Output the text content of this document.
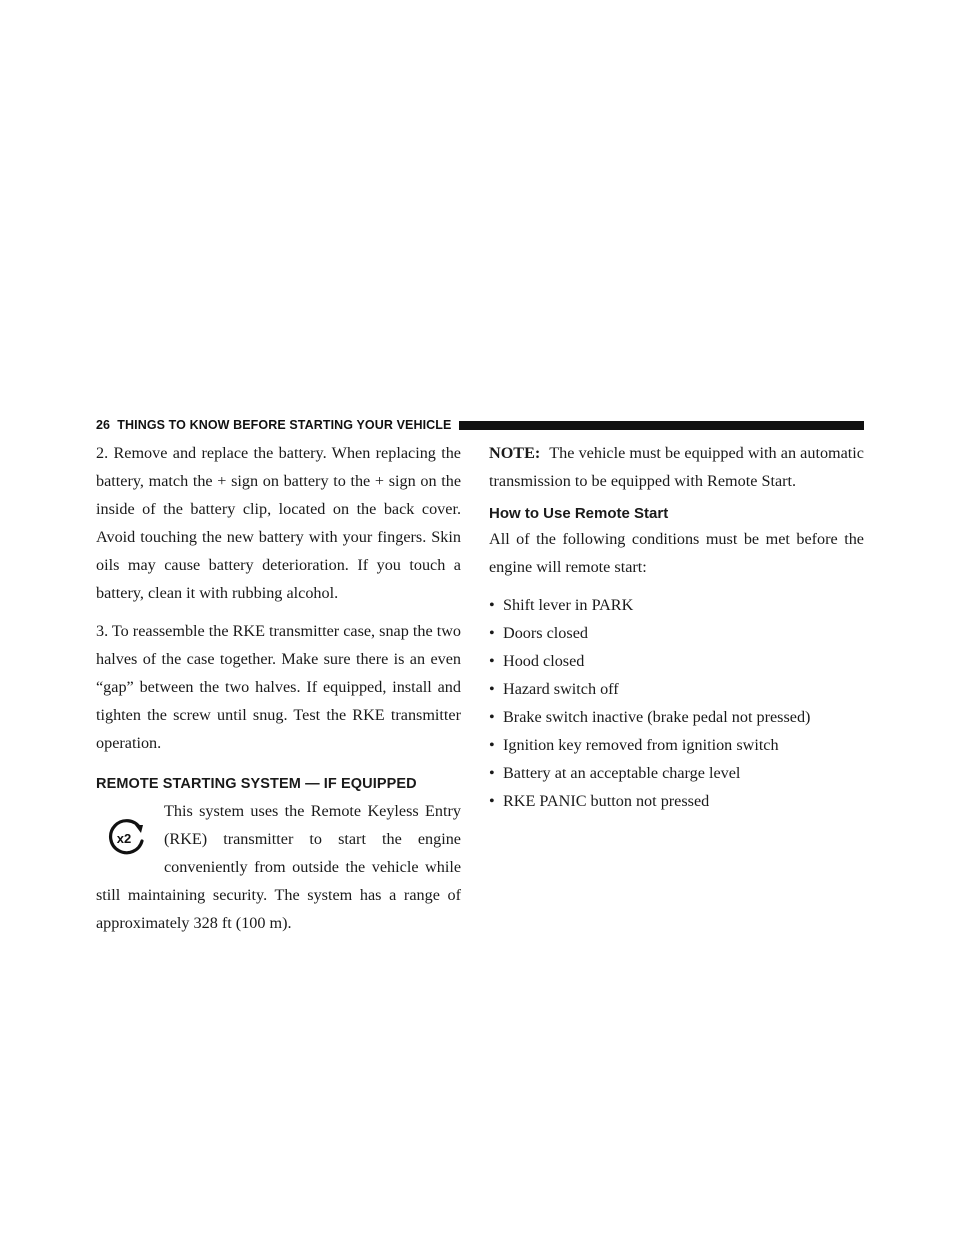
26 THINGS TO KNOW BEFORE STARTING YOUR VEHICLE

2. Remove and replace the battery. When replacing the battery, match the + sign on battery to the + sign on the inside of the battery clip, located on the back cover. Avoid touching the new battery with your fingers. Skin oils may cause battery deterioration. If you touch a battery, clean it with rubbing alcohol.

3. To reassemble the RKE transmitter case, snap the two halves of the case together. Make sure there is an even “gap” between the two halves. If equipped, install and tighten the screw until snug. Test the RKE transmitter operation.

REMOTE STARTING SYSTEM — IF EQUIPPED
x2

This system uses the Remote Keyless Entry (RKE) transmitter to start the engine conveniently from outside the vehicle while still maintaining security. The system has a range of approximately 328 ft (100 m).

NOTE: The vehicle must be equipped with an automatic transmission to be equipped with Remote Start.

How to Use Remote Start

All of the following conditions must be met before the engine will remote start:

• Shift lever in PARK
• Doors closed
• Hood closed
• Hazard switch off
• Brake switch inactive (brake pedal not pressed)
• Ignition key removed from ignition switch
• Battery at an acceptable charge level
• RKE PANIC button not pressed
